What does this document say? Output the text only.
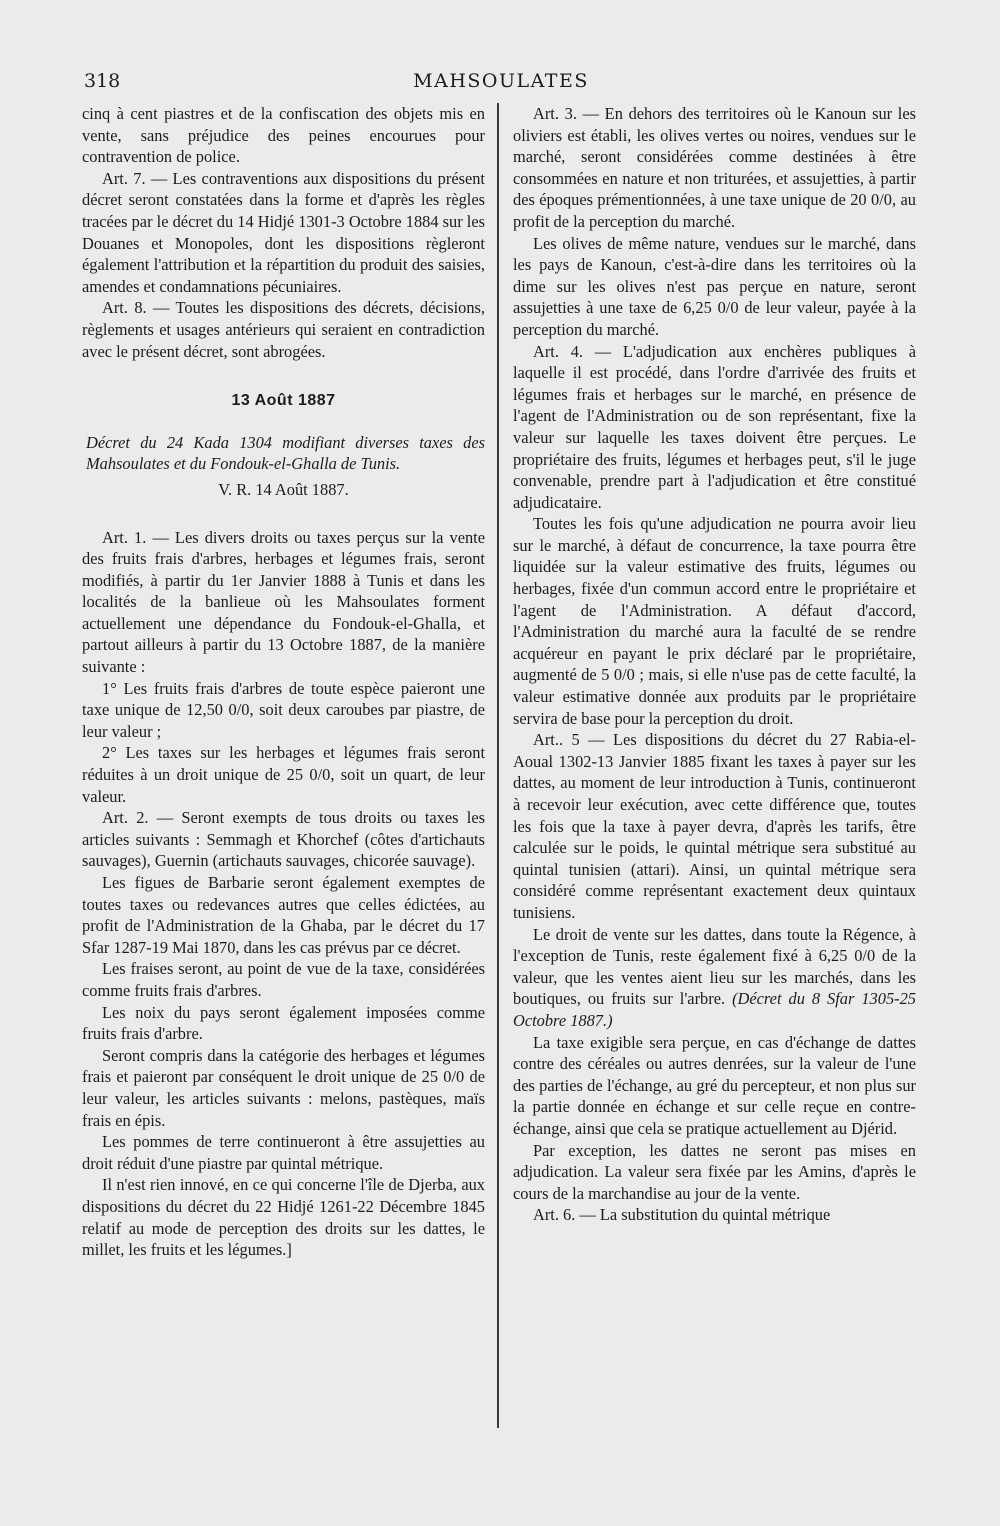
318	MAHSOULATES

cinq à cent piastres et de la confiscation des objets mis en vente, sans préjudice des peines encourues pour contravention de police.

Art. 7. — Les contraventions aux dispositions du présent décret seront constatées dans la forme et d'après les règles tracées par le décret du 14 Hidjé 1301-3 Octobre 1884 sur les Douanes et Monopoles, dont les dispositions règleront également l'attribution et la répartition du produit des saisies, amendes et condamnations pécuniaires.

Art. 8. — Toutes les dispositions des décrets, décisions, règlements et usages antérieurs qui seraient en contradiction avec le présent décret, sont abrogées.

13 Août 1887

Décret du 24 Kada 1304 modifiant diverses taxes des Mahsoulates et du Fondouk-el-Ghalla de Tunis.

V. R. 14 Août 1887.

Art. 1. — Les divers droits ou taxes perçus sur la vente des fruits frais d'arbres, herbages et légumes frais, seront modifiés, à partir du 1er Janvier 1888 à Tunis et dans les localités de la banlieue où les Mahsoulates forment actuellement une dépendance du Fondouk-el-Ghalla, et partout ailleurs à partir du 13 Octobre 1887, de la manière suivante :

1° Les fruits frais d'arbres de toute espèce paieront une taxe unique de 12,50 0/0, soit deux caroubes par piastre, de leur valeur ;

2° Les taxes sur les herbages et légumes frais seront réduites à un droit unique de 25 0/0, soit un quart, de leur valeur.

Art. 2. — Seront exempts de tous droits ou taxes les articles suivants : Semmagh et Khorchef (côtes d'artichauts sauvages), Guernin (artichauts sauvages, chicorée sauvage).

Les figues de Barbarie seront également exemptes de toutes taxes ou redevances autres que celles édictées, au profit de l'Administration de la Ghaba, par le décret du 17 Sfar 1287-19 Mai 1870, dans les cas prévus par ce décret.

Les fraises seront, au point de vue de la taxe, considérées comme fruits frais d'arbres.

Les noix du pays seront également imposées comme fruits frais d'arbre.

Seront compris dans la catégorie des herbages et légumes frais et paieront par conséquent le droit unique de 25 0/0 de leur valeur, les articles suivants : melons, pastèques, maïs frais en épis.

Les pommes de terre continueront à être assujetties au droit réduit d'une piastre par quintal métrique.

Il n'est rien innové, en ce qui concerne l'île de Djerba, aux dispositions du décret du 22 Hidjé 1261-22 Décembre 1845 relatif au mode de perception des droits sur les dattes, le millet, les fruits et les légumes.]

Art. 3. — En dehors des territoires où le Kanoun sur les oliviers est établi, les olives vertes ou noires, vendues sur le marché, seront considérées comme destinées à être consommées en nature et non triturées, et assujetties, à partir des époques prémentionnées, à une taxe unique de 20 0/0, au profit de la perception du marché.

Les olives de même nature, vendues sur le marché, dans les pays de Kanoun, c'est-à-dire dans les territoires où la dime sur les olives n'est pas perçue en nature, seront assujetties à une taxe de 6,25 0/0 de leur valeur, payée à la perception du marché.

Art. 4. — L'adjudication aux enchères publiques à laquelle il est procédé, dans l'ordre d'arrivée des fruits et légumes frais et herbages sur le marché, en présence de l'agent de l'Administration ou de son représentant, fixe la valeur sur laquelle les taxes doivent être perçues. Le propriétaire des fruits, légumes et herbages peut, s'il le juge convenable, prendre part à l'adjudication et être constitué adjudicataire.

Toutes les fois qu'une adjudication ne pourra avoir lieu sur le marché, à défaut de concurrence, la taxe pourra être liquidée sur la valeur estimative des fruits, légumes ou herbages, fixée d'un commun accord entre le propriétaire et l'agent de l'Administration. A défaut d'accord, l'Administration du marché aura la faculté de se rendre acquéreur en payant le prix déclaré par le propriétaire, augmenté de 5 0/0 ; mais, si elle n'use pas de cette faculté, la valeur estimative donnée aux produits par le propriétaire servira de base pour la perception du droit.

Art.. 5 — Les dispositions du décret du 27 Rabia-el-Aoual 1302-13 Janvier 1885 fixant les taxes à payer sur les dattes, au moment de leur introduction à Tunis, continueront à recevoir leur exécution, avec cette différence que, toutes les fois que la taxe à payer devra, d'après les tarifs, être calculée sur le poids, le quintal métrique sera substitué au quintal tunisien (attari). Ainsi, un quintal métrique sera considéré comme représentant exactement deux quintaux tunisiens.

Le droit de vente sur les dattes, dans toute la Régence, à l'exception de Tunis, reste également fixé à 6,25 0/0 de la valeur, que les ventes aient lieu sur les marchés, dans les boutiques, ou fruits sur l'arbre. (Décret du 8 Sfar 1305-25 Octobre 1887.)

La taxe exigible sera perçue, en cas d'échange de dattes contre des céréales ou autres denrées, sur la valeur de l'une des parties de l'échange, au gré du percepteur, et non plus sur la partie donnée en échange et sur celle reçue en contre-échange, ainsi que cela se pratique actuellement au Djérid.

Par exception, les dattes ne seront pas mises en adjudication. La valeur sera fixée par les Amins, d'après le cours de la marchandise au jour de la vente.

Art. 6. — La substitution du quintal métrique
